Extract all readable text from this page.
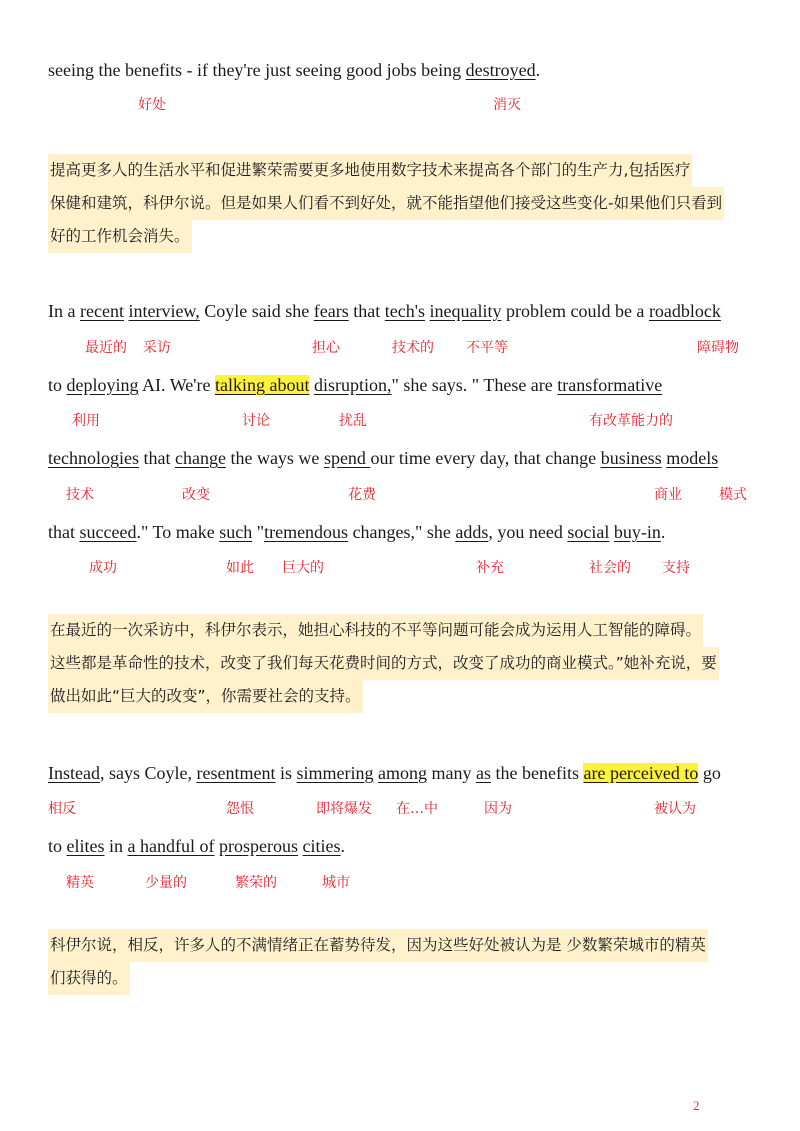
seeing the benefits - if they're just seeing good jobs being destroyed.
好处	消灭
提高更多人的生活水平和促进繁荣需要更多地使用数字技术来提高各个部门的生产力,包括医疗
保健和建筑，科伊尔说。但是如果人们看不到好处，就不能指望他们接受这些变化-如果他们只看到
好的工作机会消失。
In a recent interview, Coyle said she fears that tech's inequality problem could be a roadblock
最近的 采访	担心	技术的 不平等	障碍物
to deploying AI. We're talking about disruption," she says. " These are transformative
利用	讨论	扰乱	有改革能力的
technologies that change the ways we spend our time every day, that change business models
技术	改变	花费	商业	模式
that succeed." To make such "tremendous changes," she adds, you need social buy-in.
成功	如此 巨大的	补充	社会的 支持
在最近的一次采访中，科伊尔表示，她担心科技的不平等问题可能会成为运用人工智能的障碍。
这些都是革命性的技术，改变了我们每天花费时间的方式，改变了成功的商业模式。”她补充说，要
做出如此“巨大的改变”，你需要社会的支持。
Instead, says Coyle, resentment is simmering among many as the benefits are perceived to go
相反	怨恨	即将爆发 在…中	因为	被认为
to elites in a handful of prosperous cities.
精英	少量的	繁荣的	城市
科伊尔说，相反，许多人的不满情绪正在蓄势待发，因为这些好处被认为是 少数繁荣城市的精英
们获得的。
2
